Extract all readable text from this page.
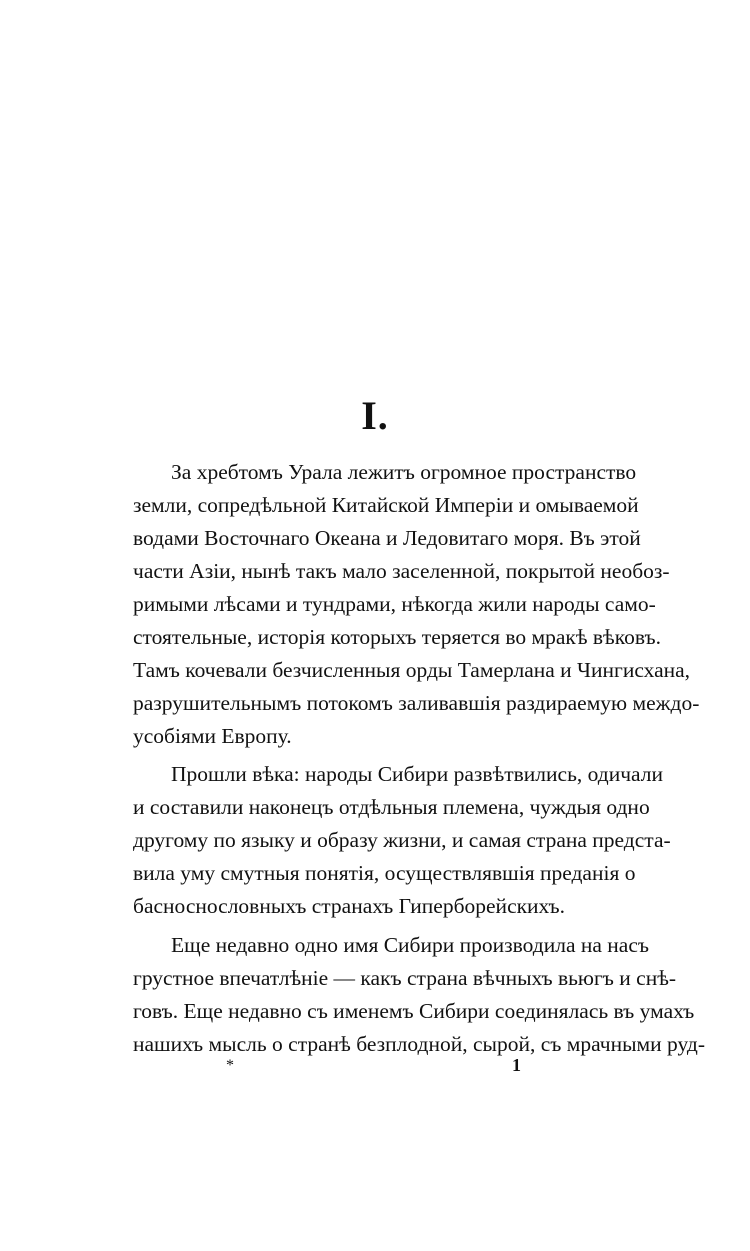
I.
За хребтомъ Урала лежитъ огромное пространство
земли, сопредѣльной Китайской Имперіи и омываемой
водами Восточнаго Океана и Ледовитаго моря. Въ этой
части Азіи, нынѣ такъ мало заселенной, покрытой необоз-
римыми лѣсами и тундрами, нѣкогда жили народы само-
стоятельные, исторія которыхъ теряется во мракѣ вѣковъ.
Тамъ кочевали безчисленныя орды Тамерлана и Чингисхана,
разрушительнымъ потокомъ заливавшія раздираемую междо-
усобіями Европу.
Прошли вѣка: народы Сибири развѣтвились, одичали
и составили наконецъ отдѣльныя племена, чуждыя одно
другому по языку и образу жизни, и самая страна предста-
вила уму смутныя понятія, осуществлявшія преданія о
басноснословныхъ странахъ Гиперборейскихъ.
Еще недавно одно имя Сибири производила на насъ
грустное впечатлѣніе — какъ страна вѣчныхъ вьюгъ и снѣ-
говъ. Еще недавно съ именемъ Сибири соединялась въ умахъ
нашихъ мысль о странѣ безплодной, сырой, съ мрачными руд-
*	1
